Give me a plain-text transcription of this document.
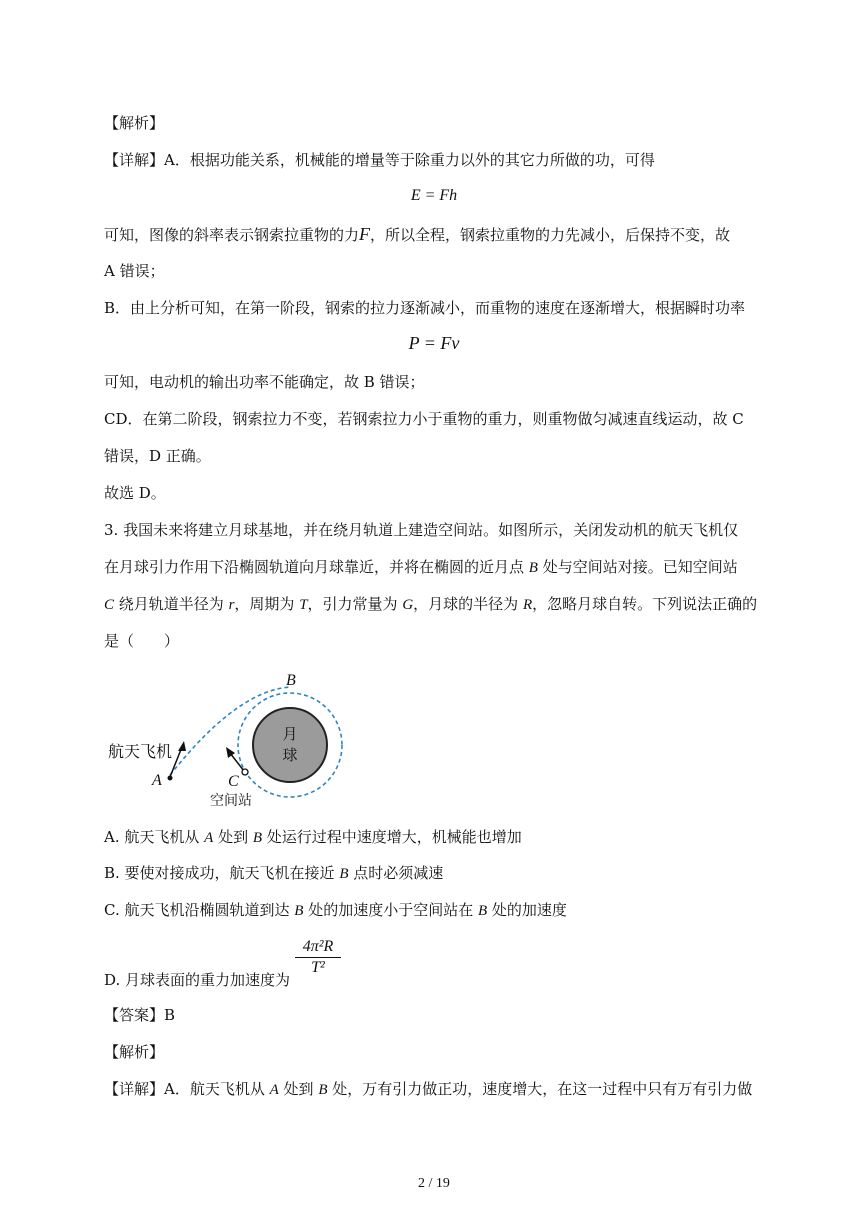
【解析】
【详解】A．根据功能关系，机械能的增量等于除重力以外的其它力所做的功，可得
E = Fh
可知，图像的斜率表示钢索拉重物的力F，所以全程，钢索拉重物的力先减小，后保持不变，故
A 错误；
B．由上分析可知，在第一阶段，钢索的拉力逐渐减小，而重物的速度在逐渐增大，根据瞬时功率
P = Fv
可知，电动机的输出功率不能确定，故 B 错误；
CD．在第二阶段，钢索拉力不变，若钢索拉力小于重物的重力，则重物做匀减速直线运动，故 C
错误，D 正确。
故选 D。
3. 我国未来将建立月球基地，并在绕月轨道上建造空间站。如图所示，关闭发动机的航天飞机仅
在月球引力作用下沿椭圆轨道向月球靠近，并将在椭圆的近月点 B 处与空间站对接。已知空间站
C 绕月轨道半径为 r，周期为 T，引力常量为 G，月球的半径为 R，忽略月球自转。下列说法正确的
是（　　）
月
球
B
A
航天飞机
C
空间站
A. 航天飞机从 A 处到 B 处运行过程中速度增大，机械能也增加
B. 要使对接成功，航天飞机在接近 B 点时必须减速
C. 航天飞机沿椭圆轨道到达 B 处的加速度小于空间站在 B 处的加速度
D. 月球表面的重力加速度为
$\frac{\text{4π²R}}{\text{T²}}$
【答案】B
【解析】
【详解】A．航天飞机从 A 处到 B 处，万有引力做正功，速度增大，在这一过程中只有万有引力做
2 / 19
